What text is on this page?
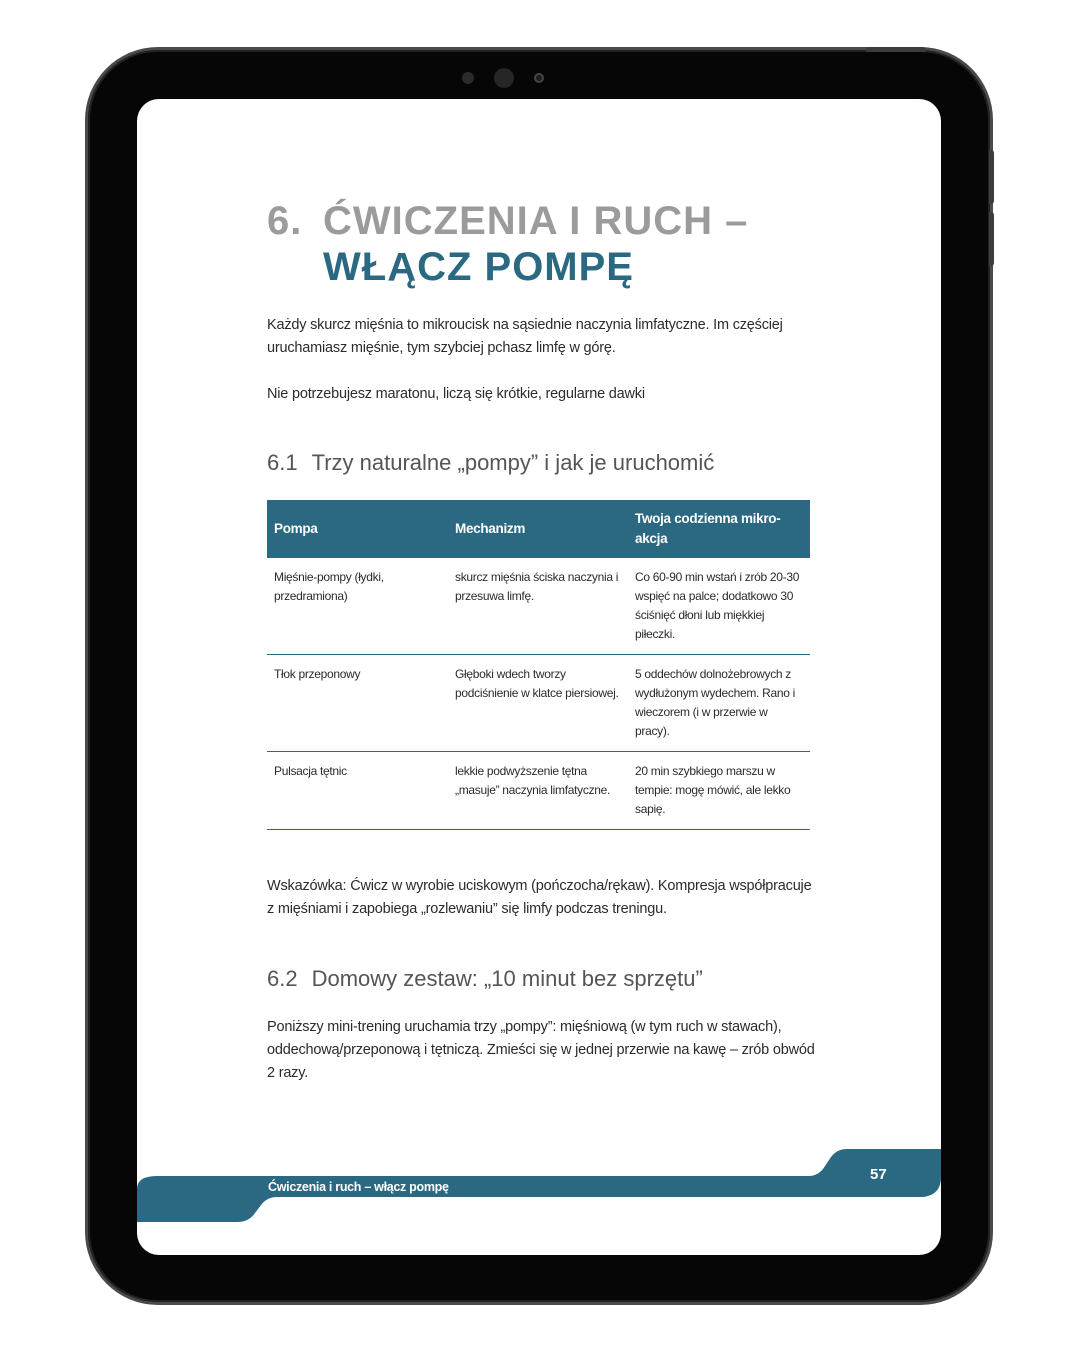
6. ĆWICZENIA I RUCH –
WŁĄCZ POMPĘ
Każdy skurcz mięśnia to mikroucisk na sąsiednie naczynia limfatyczne. Im częściej uruchamiasz mięśnie, tym szybciej pchasz limfę w górę.
Nie potrzebujesz maratonu, liczą się krótkie, regularne dawki
6.1 Trzy naturalne „pompy” i jak je uruchomić
Pompa	Mechanizm	Twoja codzienna mikro-akcja
Mięśnie-pompy (łydki, przedramiona)	skurcz mięśnia ściska naczynia i przesuwa limfę.	Co 60-90 min wstań i zrób 20-30 wspięć na palce; dodatkowo 30 ściśnięć dłoni lub miękkiej piłeczki.
Tłok przeponowy	Głęboki wdech tworzy podciśnienie w klatce piersiowej.	5 oddechów dolnożebrowych z wydłużonym wydechem. Rano i wieczorem (i w przerwie w pracy).
Pulsacja tętnic	lekkie podwyższenie tętna „masuje” naczynia limfatyczne.	20 min szybkiego marszu w tempie: mogę mówić, ale lekko sapię.
Wskazówka: Ćwicz w wyrobie uciskowym (pończocha/rękaw). Kompresja współpracuje z mięśniami i zapobiega „rozlewaniu” się limfy podczas treningu.
6.2 Domowy zestaw: „10 minut bez sprzętu”
Poniższy mini-trening uruchamia trzy „pompy”: mięśniową (w tym ruch w stawach), oddechową/przeponową i tętniczą. Zmieści się w jednej przerwie na kawę – zrób obwód 2 razy.
Ćwiczenia i ruch – włącz pompę
57
